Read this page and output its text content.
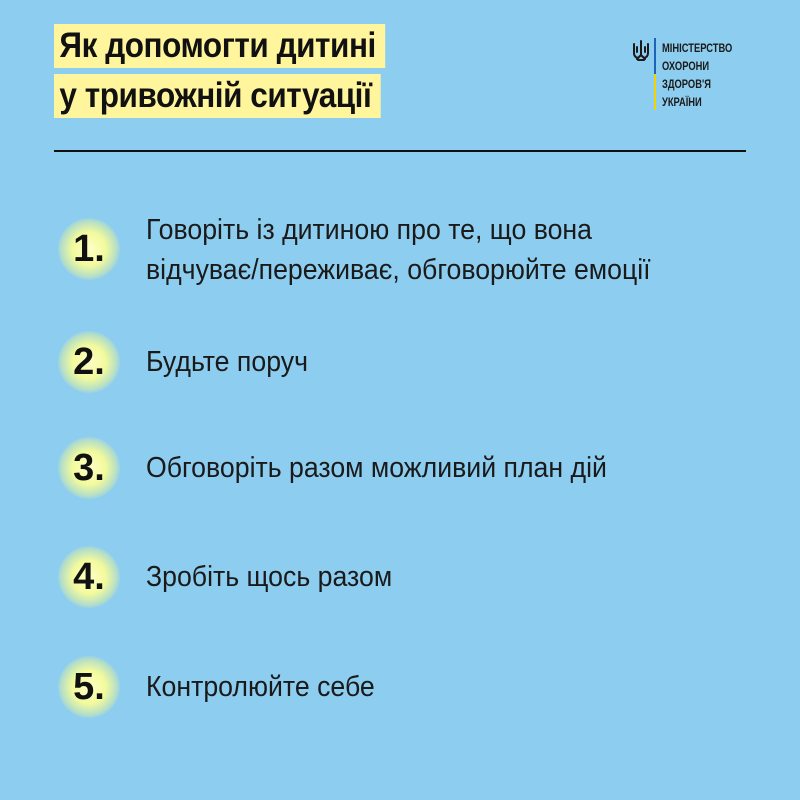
Як допомогти дитині
у тривожній ситуації
МІНІСТЕРСТВО
ОХОРОНИ
ЗДОРОВ'Я
УКРАЇНИ
1.	Говоріть із дитиною про те, що вона
відчуває/переживає, обговорюйте емоції
2.	Будьте поруч
3.	Обговоріть разом можливий план дій
4.	Зробіть щось разом
5.	Контролюйте себе
